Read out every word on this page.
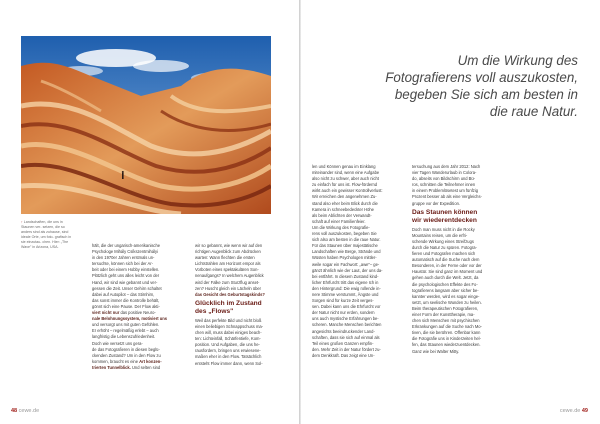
↑Landschaften, die uns in Staunen ver- setzen, die so anders sind als zuhause, sind ideale Orte, um foto- grafisch in sie einzutau- chen. Hier: „The Wave" in Arizona, USA.	hält, die der ungarisch-amerikanische
Psychologe Mihály Csíkszentmihályi
in den 1970er Jahren erstmals un-
tersuchte, können sich bei der Ar-
beit oder bei einem Hobby einstellen.
Plötzlich geht uns alles leicht von der
Hand, wir sind wie gebannt und ver-
gessen die Zeit. Unser Gehirn schaltet
dabei auf Autopilot – das Stirnhirn,
das sonst immer die Kontrolle behält,
gönnt sich eine Pause. Der Flow akti-
viert nicht nur das positive Neuro-
nale Belohnungssystem, motiviert uns
und versorgt uns mit guten Gefühlen.
Er erhöht – regelmäßig erlebt – auch
langfristig die Lebenszufriedenheit.
Doch wie versetzt uns gera-
de das Fotografieren in diesen beglü-
ckenden Zustand? Um in den Flow zu
kommen, braucht es eine Art konzen-
trierten Tunnelblick. Und selten sind
wir so gebannt, wie wenn wir auf den
richtigen Augenblick zum Abdrücken
warten: Wann flechten die ersten
Lichtstrahlen am Horizont empor als
Vorboten eines spektakulären Son-
nenaufgangs? In welchem Augenblick
wird der Falke zum Sturzflug anset-
zen? Huscht gleich ein Lächeln über
das Gesicht des Geburtstagskinds?
Glücklich im Zustand
des „Flows"
Weil das perfekte Bild und nicht bloß
einen beliebigen Schnappschuss ma-
chen will, muss dabei einiges beach-
ten: Lichteinfall, Schärfentiefe, Kom-
position. Und Aufgaben, die uns he-
rausfordern, bringen uns erwiesene-
maßen eher in den Flow. Tatsächlich
entsteht Flow immer dann, wenn Sol-
48 cewe.de	cewe.de 49
Um die Wirkung des
Fotografierens voll auszukosten,
begeben Sie sich am besten in
die raue Natur.
len und Können genau im Einklang
miteinander sind, wenn eine Aufgabe
also nicht zu schwer, aber auch nicht
zu einfach für uns ist. Flow-fördernd
wirkt auch ein gewisser Kontrollverlust:
Wir erreichen den angenehmen Zu-
stand also eher beim Blick durch die
Kamera in schneebedeckter Höhe
als beim Ablichten der Verwandt-
schaft auf einer Familienfeier.
Um die Wirkung des Fotografie-
rens voll auszukosten, begeben Sie
sich also am besten in die raue Natur.
Für das Staunen über majestätische
Landschaften wie Berge, Strände und
Wüsten haben Psychologen mittler-
weile sogar ein Fachwort: „awe"– ge-
gänzt ähnlich wie der Laut, der uns da-
bei entfährt. In diesem Zustand kind-
licher Ehrfurcht tritt das eigene Ich in
den Hintergrund: Die ewig rollende in-
nere Stimme verstummt, Ängste und
Sorgen sind für kurze Zeit verges-
sen. Dabei kann uns die Ehrfurcht vor
der Natur nicht nur erden, sondern
uns auch mystische Erfahrungen be-
scheren. Manche Menschen berichten
angesichts beeindruckender Land-
schaften, dass sie sich auf einmal als
Teil eines großen Ganzen empfin-
den. Mehr Zeit in der Natur fördert zu-
dem Denkkraft. Das zeigt eine Un-
tersuchung aus dem Jahr 2012: Nach
vier Tagen Wanderurlaub in Colora-
do, abseits von Bildschirm und Bü-
ros, schnitten die Teilnehmer innen
in einem Problemlösetest um fünfzig
Prozent besser ab als eine Vergleichs-
gruppe vor der Expedition.
Das Staunen können
wir wiederentdecken
Doch man muss nicht in die Rocky
Mountains reisen, um die erfri-
schende Wirkung eines Streifzugs
durch die Natur zu spüren. Fotogra-
fieren und Fotografen machen sich
automatisch auf die Suche nach dem
Besonderen, in der Ferne oder vor der
Haustür. Sie sind ganz im Moment und
gehen auch durch die Welt. Jetzt, da
die psychologischen Effekte des Fo-
tografierens langsam aber sicher be-
kannter werden, wird es sogar einge-
setzt, um seelische Wunden zu heilen.
Beim therapeutischen Fotografieren,
einer Form der Kunsttherapie, ma-
chen sich Menschen mit psychischen
Erkrankungen auf die Suche nach Mo-
tiven, die sie berühren. Offenbar kann
die Fotografie uns in Kinderzeiten hel-
fen, das Staunen wiederzuentdecken.
Ganz wie bei Walter Mitty.
